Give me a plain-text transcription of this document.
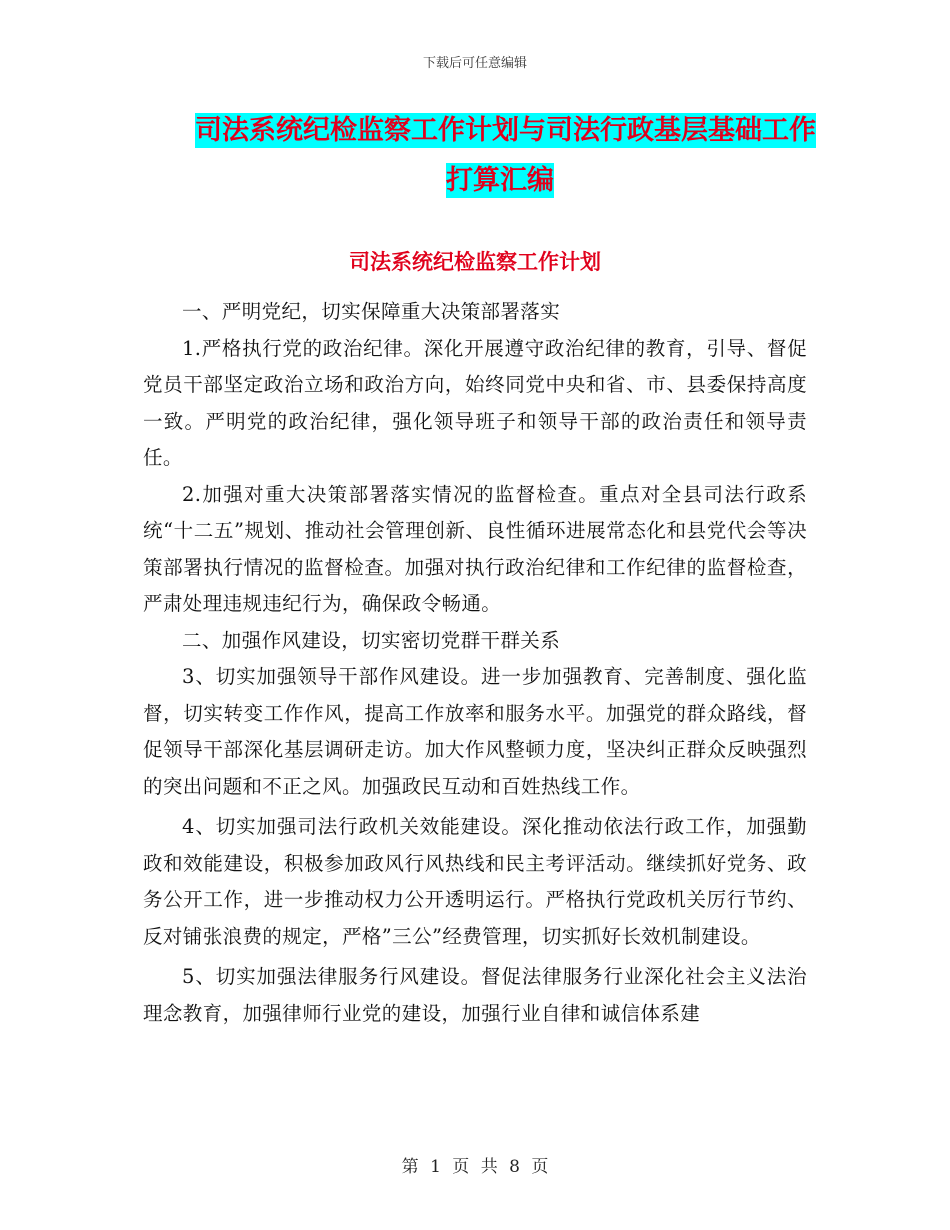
下载后可任意编辑
司法系统纪检监察工作计划与司法行政基层基础工作
打算汇编
司法系统纪检监察工作计划

一、严明党纪，切实保障重大决策部署落实

1.严格执行党的政治纪律。深化开展遵守政治纪律的教育，引导、督促党员干部坚定政治立场和政治方向，始终同党中央和省、市、县委保持高度一致。严明党的政治纪律，强化领导班子和领导干部的政治责任和领导责任。

2.加强对重大决策部署落实情况的监督检查。重点对全县司法行政系统“十二五”规划、推动社会管理创新、良性循环进展常态化和县党代会等决策部署执行情况的监督检查。加强对执行政治纪律和工作纪律的监督检查，严肃处理违规违纪行为，确保政令畅通。

二、加强作风建设，切实密切党群干群关系

3、切实加强领导干部作风建设。进一步加强教育、完善制度、强化监督，切实转变工作作风，提高工作放率和服务水平。加强党的群众路线，督促领导干部深化基层调研走访。加大作风整顿力度，坚决纠正群众反映强烈的突出问题和不正之风。加强政民互动和百姓热线工作。

4、切实加强司法行政机关效能建设。深化推动依法行政工作，加强勤政和效能建设，积极参加政风行风热线和民主考评活动。继续抓好党务、政务公开工作，进一步推动权力公开透明运行。严格执行党政机关厉行节约、反对铺张浪费的规定，严格”三公”经费管理，切实抓好长效机制建设。

5、切实加强法律服务行风建设。督促法律服务行业深化社会主义法治理念教育，加强律师行业党的建设，加强行业自律和诚信体系建

第 1 页 共 8 页
